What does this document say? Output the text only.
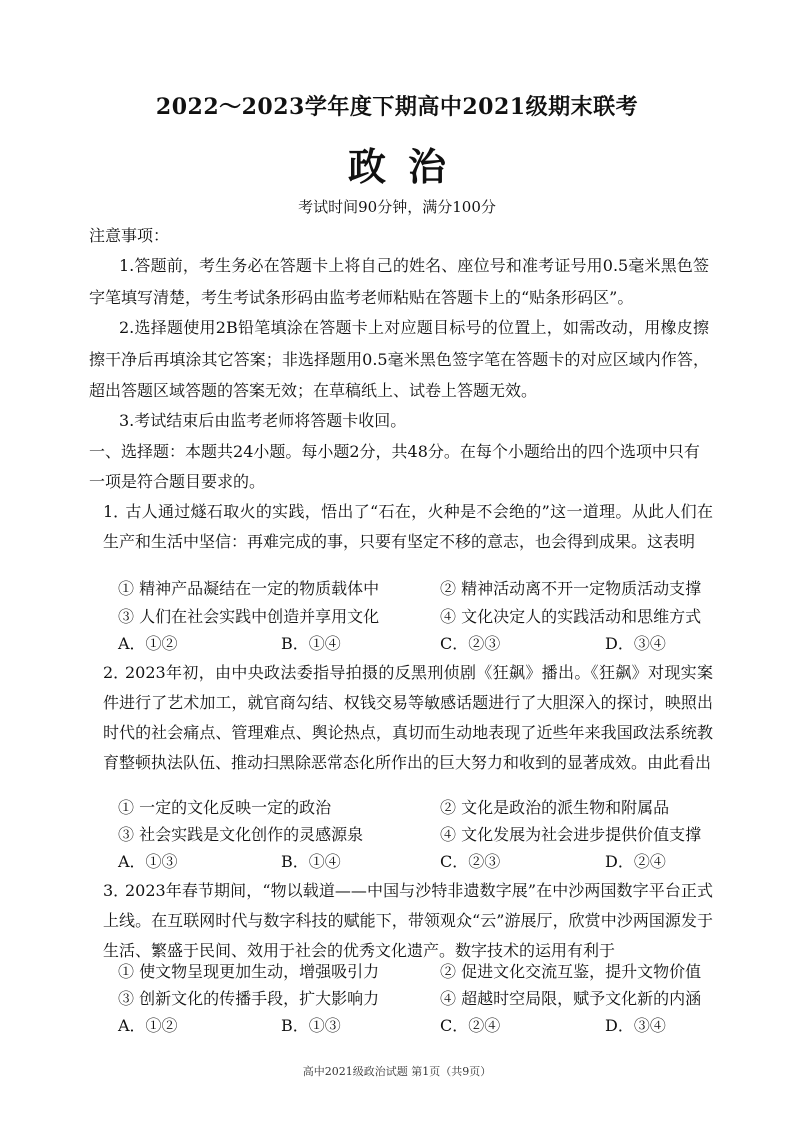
2022～2023学年度下期高中2021级期末联考
政治
考试时间90分钟，满分100分
注意事项：
1.答题前，考生务必在答题卡上将自己的姓名、座位号和准考证号用0.5毫米黑色签字笔填写清楚，考生考试条形码由监考老师粘贴在答题卡上的“贴条形码区”。
2.选择题使用2B铅笔填涂在答题卡上对应题目标号的位置上，如需改动，用橡皮擦擦干净后再填涂其它答案；非选择题用0.5毫米黑色签字笔在答题卡的对应区域内作答，超出答题区域答题的答案无效；在草稿纸上、试卷上答题无效。
3.考试结束后由监考老师将答题卡收回。
一、选择题：本题共24小题。每小题2分，共48分。在每个小题给出的四个选项中只有一项是符合题目要求的。
1．古人通过燧石取火的实践，悟出了“石在，火种是不会绝的”这一道理。从此人们在生产和生活中坚信：再难完成的事，只要有坚定不移的意志，也会得到成果。这表明
① 精神产品凝结在一定的物质载体中	② 精神活动离不开一定物质活动支撑
③ 人们在社会实践中创造并享用文化	④ 文化决定人的实践活动和思维方式
A．①②	B．①④	C．②③	D．③④
2．2023年初，由中央政法委指导拍摄的反黑刑侦剧《狂飙》播出。《狂飙》对现实案件进行了艺术加工，就官商勾结、权钱交易等敏感话题进行了大胆深入的探讨，映照出时代的社会痛点、管理难点、舆论热点，真切而生动地表现了近些年来我国政法系统教育整顿执法队伍、推动扫黑除恶常态化所作出的巨大努力和收到的显著成效。由此看出
① 一定的文化反映一定的政治	② 文化是政治的派生物和附属品
③ 社会实践是文化创作的灵感源泉	④ 文化发展为社会进步提供价值支撑
A．①③	B．①④	C．②③	D．②④
3．2023年春节期间，“物以载道——中国与沙特非遗数字展”在中沙两国数字平台正式上线。在互联网时代与数字科技的赋能下，带领观众“云”游展厅，欣赏中沙两国源发于生活、繁盛于民间、效用于社会的优秀文化遗产。数字技术的运用有利于
① 使文物呈现更加生动，增强吸引力	② 促进文化交流互鉴，提升文物价值
③ 创新文化的传播手段，扩大影响力	④ 超越时空局限，赋予文化新的内涵
A．①②	B．①③	C．②④	D．③④
高中2021级政治试题 第1页（共9页）
